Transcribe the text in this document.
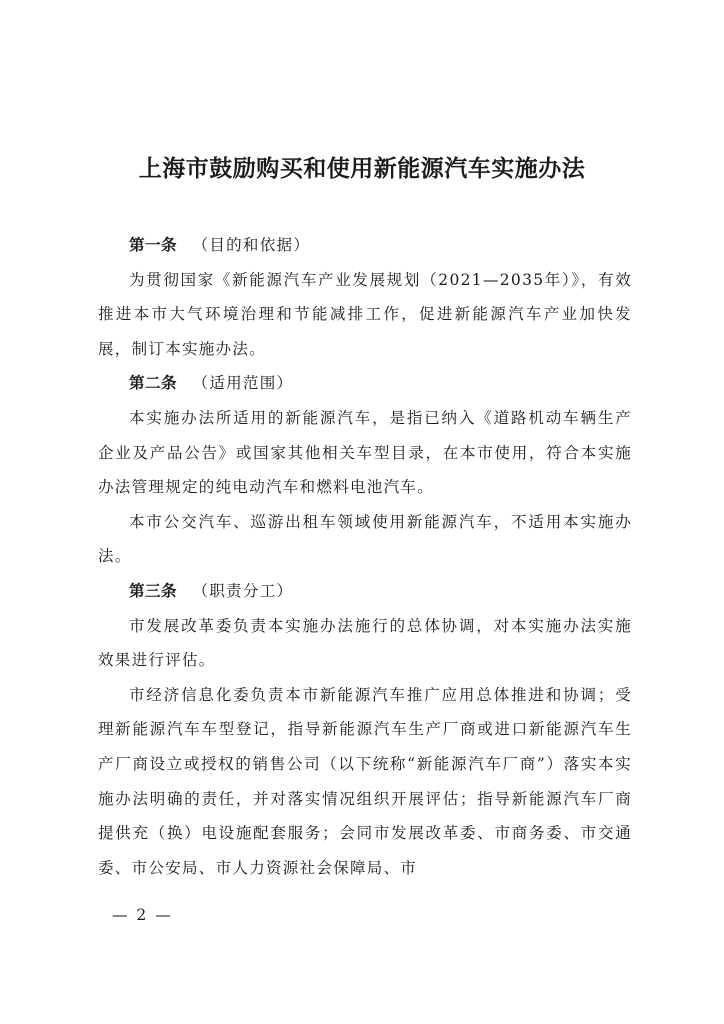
上海市鼓励购买和使用新能源汽车实施办法

第一条 （目的和依据）

为贯彻国家《新能源汽车产业发展规划（2021—2035年）》，有效推进本市大气环境治理和节能减排工作，促进新能源汽车产业加快发展，制订本实施办法。

第二条 （适用范围）

本实施办法所适用的新能源汽车，是指已纳入《道路机动车辆生产企业及产品公告》或国家其他相关车型目录，在本市使用，符合本实施办法管理规定的纯电动汽车和燃料电池汽车。

本市公交汽车、巡游出租车领域使用新能源汽车，不适用本实施办法。

第三条 （职责分工）

市发展改革委负责本实施办法施行的总体协调，对本实施办法实施效果进行评估。

市经济信息化委负责本市新能源汽车推广应用总体推进和协调；受理新能源汽车车型登记，指导新能源汽车生产厂商或进口新能源汽车生产厂商设立或授权的销售公司（以下统称“新能源汽车厂商”）落实本实施办法明确的责任，并对落实情况组织开展评估；指导新能源汽车厂商提供充（换）电设施配套服务；会同市发展改革委、市商务委、市交通委、市公安局、市人力资源社会保障局、市

— 2 —
